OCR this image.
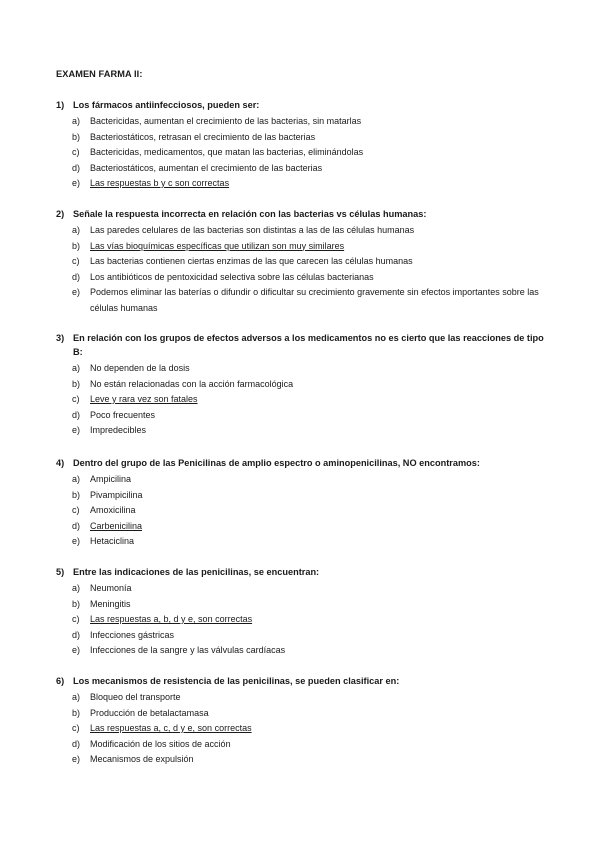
EXAMEN FARMA II:
1) Los fármacos antiinfecciosos, pueden ser:
a)	Bactericidas, aumentan el crecimiento de las bacterias, sin matarlas
b)	Bacteriostáticos, retrasan el crecimiento de las bacterias
c)	Bactericidas, medicamentos, que matan las bacterias, eliminándolas
d)	Bacteriostáticos, aumentan el crecimiento de las bacterias
e)	Las respuestas b y c son correctas
2) Señale la respuesta incorrecta en relación con las bacterias vs células humanas:
a)	Las paredes celulares de las bacterias son distintas a las de las células humanas
b)	Las vías bioquímicas específicas que utilizan son muy similares
c)	Las bacterias contienen ciertas enzimas de las que carecen las células humanas
d)	Los antibióticos de pentoxicidad selectiva sobre las células bacterianas
e)	Podemos eliminar las baterías o difundir o dificultar su crecimiento gravemente sin efectos importantes sobre las células humanas
3) En relación con los grupos de efectos adversos a los medicamentos no es cierto que las reacciones de tipo B:
a)	No dependen de la dosis
b)	No están relacionadas con la acción farmacológica
c)	Leve y rara vez son fatales
d)	Poco frecuentes
e)	Impredecibles
4) Dentro del grupo de las Penicilinas de amplio espectro o aminopenicilinas, NO encontramos:
a)	Ampicilina
b)	Pivampicilina
c)	Amoxicilina
d)	Carbenicilina
e)	Hetaciclina
5) Entre las indicaciones de las penicilinas, se encuentran:
a)	Neumonía
b)	Meningitis
c)	Las respuestas a, b, d y e, son correctas
d)	Infecciones gástricas
e)	Infecciones de la sangre y las válvulas cardíacas
6) Los mecanismos de resistencia de las penicilinas, se pueden clasificar en:
a)	Bloqueo del transporte
b)	Producción de betalactamasa
c)	Las respuestas a, c, d y e, son correctas
d)	Modificación de los sitios de acción
e)	Mecanismos de expulsión
